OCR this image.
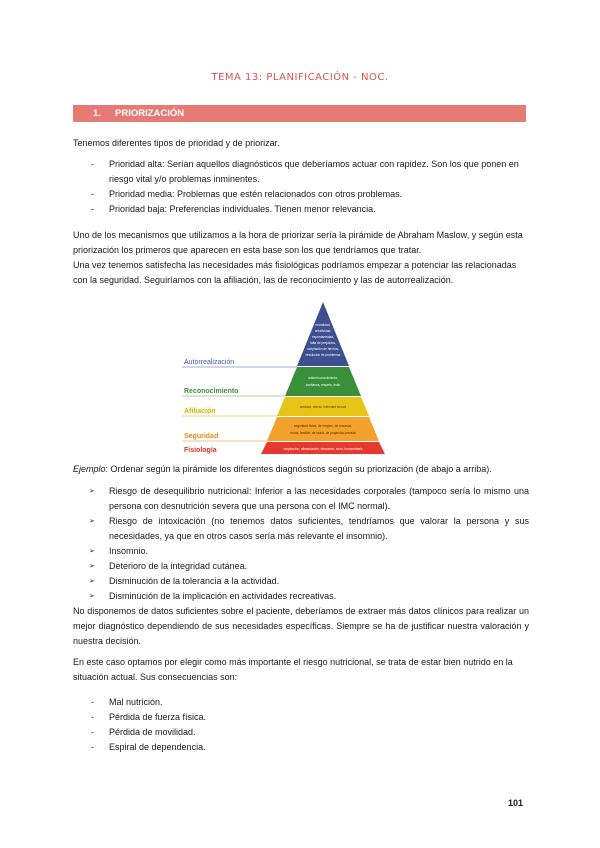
TEMA 13: PLANIFICACIÓN - NOC.
1. PRIORIZACIÓN
Tenemos diferentes tipos de prioridad y de priorizar.
- Prioridad alta: Serían aquellos diagnósticos que deberíamos actuar con rapidez. Son los que ponen en riesgo vital y/o problemas inminentes.
- Prioridad media: Problemas que estén relacionados con otros problemas.
- Prioridad baja: Preferencias individuales. Tienen menor relevancia.

Uno de los mecanismos que utilizamos a la hora de priorizar sería la pirámide de Abraham Maslow, y según esta priorización los primeros que aparecen en esta base son los que tendríamos que tratar.

Una vez tenemos satisfecha las necesidades más fisiológicas podríamos empezar a potenciar las relacionadas con la seguridad. Seguiríamos con la afiliación, las de reconocimiento y las de autorrealización.

Autorrealización
Reconocimiento
Afiliación
Seguridad
Fisiología
moralidad,
creatividad,
espontaneidad,
falta de prejuicios,
aceptación de hechos,
resolución de problemas
autorreconocimiento,
confianza, respeto, éxito
amistad, afecto, intimidad sexual
seguridad física, de empleo, de recursos,
moral, familiar, de salud, de propiedad privada
respiración, alimentación, descanso, sexo, homeostasis
Ejemplo: Ordenar según la pirámide los diferentes diagnósticos según su priorización (de abajo a arriba).
➢ Riesgo de desequilibrio nutricional: Inferior a las necesidades corporales (tampoco sería lo mismo una persona con desnutrición severa que una persona con el IMC normal).
➢ Riesgo de intoxicación (no tenemos datos suficientes, tendríamos que valorar la persona y sus necesidades, ya que en otros casos sería más relevante el insomnio).
➢ Insomnio.
➢ Deterioro de la integridad cutánea.
➢ Disminución de la tolerancia a la actividad.
➢ Disminución de la implicación en actividades recreativas.
No disponemos de datos suficientes sobre el paciente, deberíamos de extraer más datos clínicos para realizar un mejor diagnóstico dependiendo de sus necesidades específicas. Siempre se ha de justificar nuestra valoración y nuestra decisión.
En este caso optamos por elegir como más importante el riesgo nutricional, se trata de estar bien nutrido en la situación actual. Sus consecuencias son:
- Mal nutrición.
- Pérdida de fuerza física.
- Pérdida de movilidad.
- Espiral de dependencia.
101
